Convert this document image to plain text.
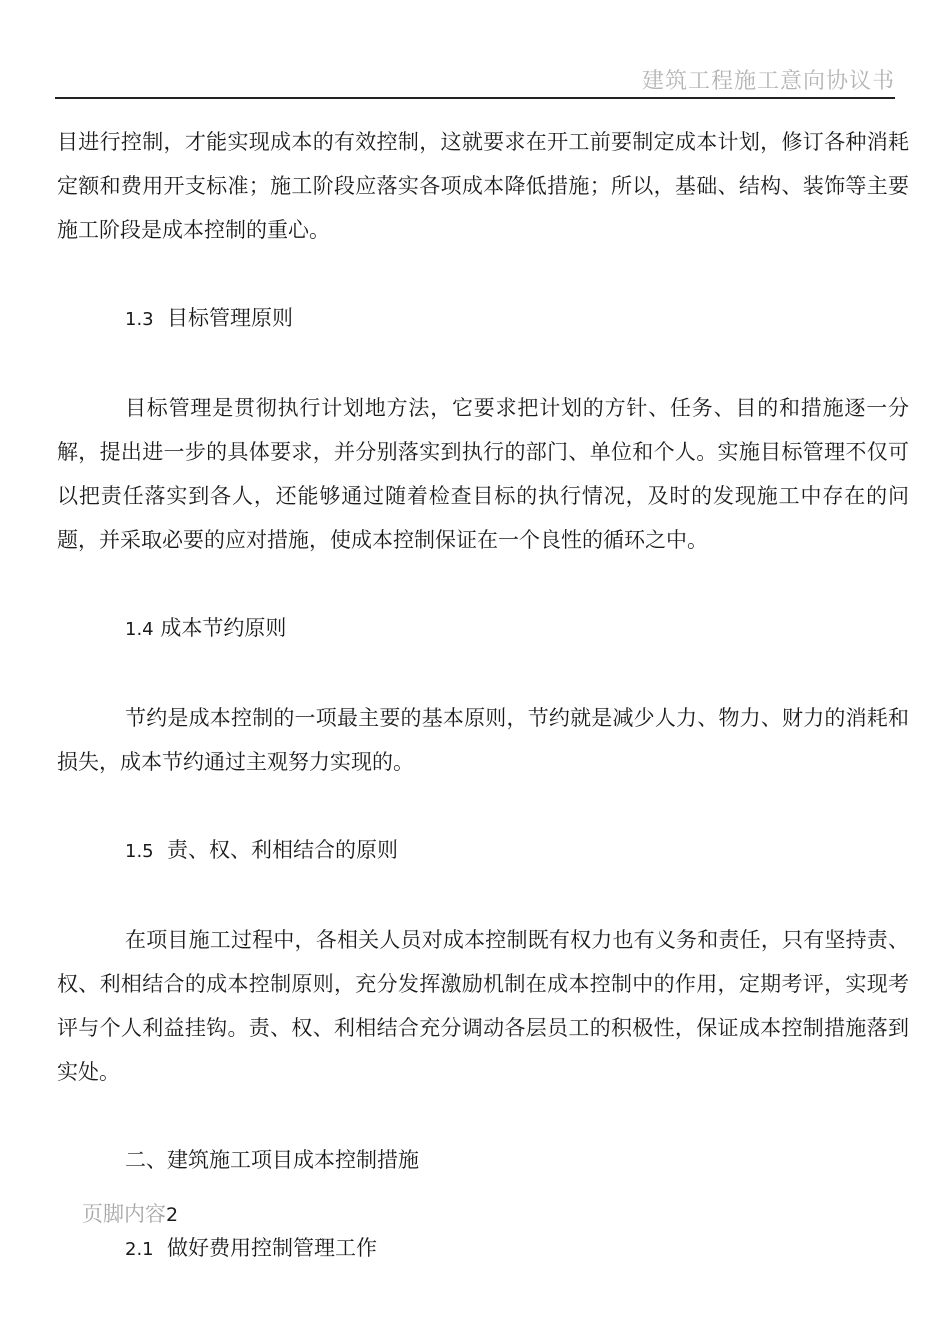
建筑工程施工意向协议书

目进行控制，才能实现成本的有效控制，这就要求在开工前要制定成本计划，修订各种消耗定额和费用开支标准；施工阶段应落实各项成本降低措施；所以，基础、结构、装饰等主要施工阶段是成本控制的重心。

1.3 目标管理原则

目标管理是贯彻执行计划地方法，它要求把计划的方针、任务、目的和措施逐一分解，提出进一步的具体要求，并分别落实到执行的部门、单位和个人。实施目标管理不仅可以把责任落实到各人，还能够通过随着检查目标的执行情况，及时的发现施工中存在的问题，并采取必要的应对措施，使成本控制保证在一个良性的循环之中。

1.4 成本节约原则

节约是成本控制的一项最主要的基本原则，节约就是减少人力、物力、财力的消耗和损失，成本节约通过主观努力实现的。

1.5 责、权、利相结合的原则

在项目施工过程中，各相关人员对成本控制既有权力也有义务和责任，只有坚持责、权、利相结合的成本控制原则，充分发挥激励机制在成本控制中的作用，定期考评，实现考评与个人利益挂钩。责、权、利相结合充分调动各层员工的积极性，保证成本控制措施落到实处。

二、建筑施工项目成本控制措施

2.1 做好费用控制管理工作

页脚内容2
